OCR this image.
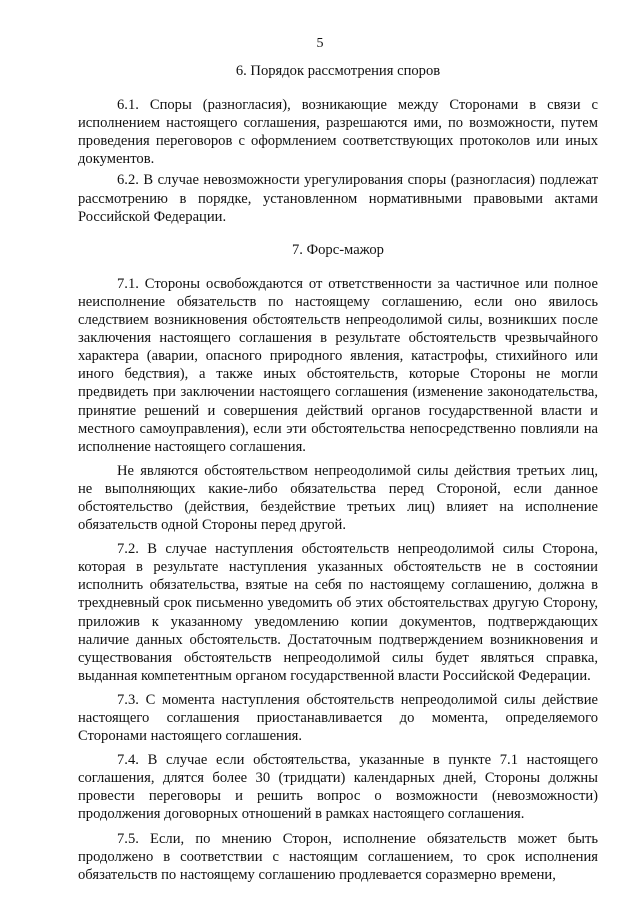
5

6. Порядок рассмотрения споров

6.1. Споры (разногласия), возникающие между Сторонами в связи с исполнением настоящего соглашения, разрешаются ими, по возможности, путем проведения переговоров с оформлением соответствующих протоколов или иных документов.

6.2. В случае невозможности урегулирования споры (разногласия) подлежат рассмотрению в порядке, установленном нормативными правовыми актами Российской Федерации.

7. Форс-мажор

7.1. Стороны освобождаются от ответственности за частичное или полное неисполнение обязательств по настоящему соглашению, если оно явилось следствием возникновения обстоятельств непреодолимой силы, возникших после заключения настоящего соглашения в результате обстоятельств чрезвычайного характера (аварии, опасного природного явления, катастрофы, стихийного или иного бедствия), а также иных обстоятельств, которые Стороны не могли предвидеть при заключении настоящего соглашения (изменение законодательства, принятие решений и совершения действий органов государственной власти и местного самоуправления), если эти обстоятельства непосредственно повлияли на исполнение настоящего соглашения.

Не являются обстоятельством непреодолимой силы действия третьих лиц, не выполняющих какие-либо обязательства перед Стороной, если данное обстоятельство (действия, бездействие третьих лиц) влияет на исполнение обязательств одной Стороны перед другой.

7.2. В случае наступления обстоятельств непреодолимой силы Сторона, которая в результате наступления указанных обстоятельств не в состоянии исполнить обязательства, взятые на себя по настоящему соглашению, должна в трехдневный срок письменно уведомить об этих обстоятельствах другую Сторону, приложив к указанному уведомлению копии документов, подтверждающих наличие данных обстоятельств. Достаточным подтверждением возникновения и существования обстоятельств непреодолимой силы будет являться справка, выданная компетентным органом государственной власти Российской Федерации.

7.3. С момента наступления обстоятельств непреодолимой силы действие настоящего соглашения приостанавливается до момента, определяемого Сторонами настоящего соглашения.

7.4. В случае если обстоятельства, указанные в пункте 7.1 настоящего соглашения, длятся более 30 (тридцати) календарных дней, Стороны должны провести переговоры и решить вопрос о возможности (невозможности) продолжения договорных отношений в рамках настоящего соглашения.

7.5. Если, по мнению Сторон, исполнение обязательств может быть продолжено в соответствии с настоящим соглашением, то срок исполнения обязательств по настоящему соглашению продлевается соразмерно времени,
